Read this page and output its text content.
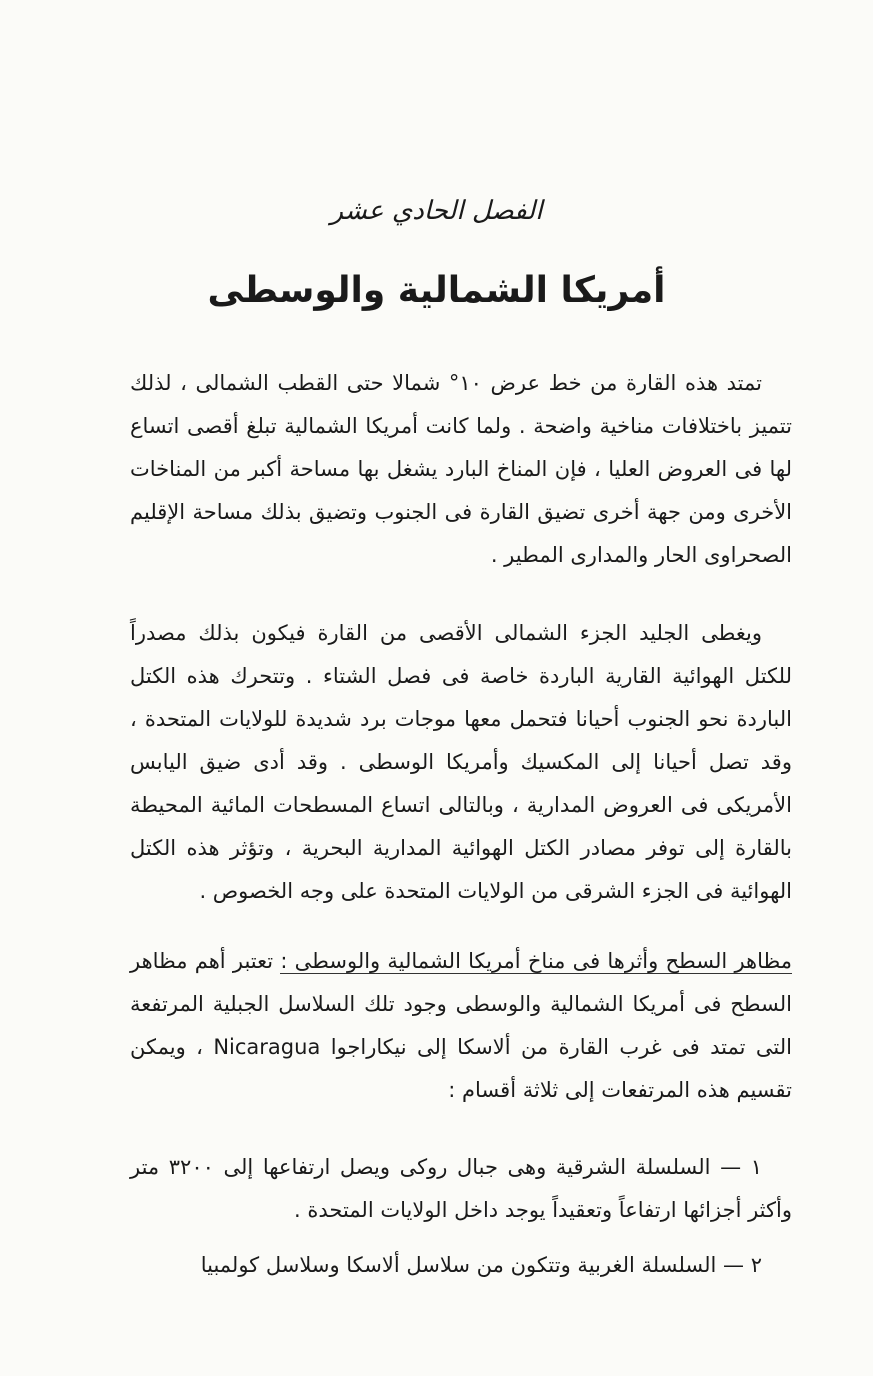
الفصل الحادي عشر
أمريكا الشمالية والوسطى
تمتد هذه القارة من خط عرض ١٠° شمالا حتى القطب الشمالى ، لذلك تتميز باختلافات مناخية واضحة . ولما كانت أمريكا الشمالية تبلغ أقصى اتساع لها فى العروض العليا ، فإن المناخ البارد يشغل بها مساحة أكبر من المناخات الأخرى ومن جهة أخرى تضيق القارة فى الجنوب وتضيق بذلك مساحة الإقليم الصحراوى الحار والمدارى المطير .
ويغطى الجليد الجزء الشمالى الأقصى من القارة فيكون بذلك مصدراً للكتل الهوائية القارية الباردة خاصة فى فصل الشتاء . وتتحرك هذه الكتل الباردة نحو الجنوب أحيانا فتحمل معها موجات برد شديدة للولايات المتحدة ، وقد تصل أحيانا إلى المكسيك وأمريكا الوسطى . وقد أدى ضيق اليابس الأمريكى فى العروض المدارية ، وبالتالى اتساع المسطحات المائية المحيطة بالقارة إلى توفر مصادر الكتل الهوائية المدارية البحرية ، وتؤثر هذه الكتل الهوائية فى الجزء الشرقى من الولايات المتحدة على وجه الخصوص .
مظاهر السطح وأثرها فى مناخ أمريكا الشمالية والوسطى : تعتبر أهم مظاهر السطح فى أمريكا الشمالية والوسطى وجود تلك السلاسل الجبلية المرتفعة التى تمتد فى غرب القارة من ألاسكا إلى نيكاراجوا Nicaragua ، ويمكن تقسيم هذه المرتفعات إلى ثلاثة أقسام :
١ — السلسلة الشرقية وهى جبال روكى ويصل ارتفاعها إلى ٣٢٠٠ متر وأكثر أجزائها ارتفاعاً وتعقيداً يوجد داخل الولايات المتحدة .
٢ — السلسلة الغربية وتتكون من سلاسل ألاسكا وسلاسل كولمبيا
